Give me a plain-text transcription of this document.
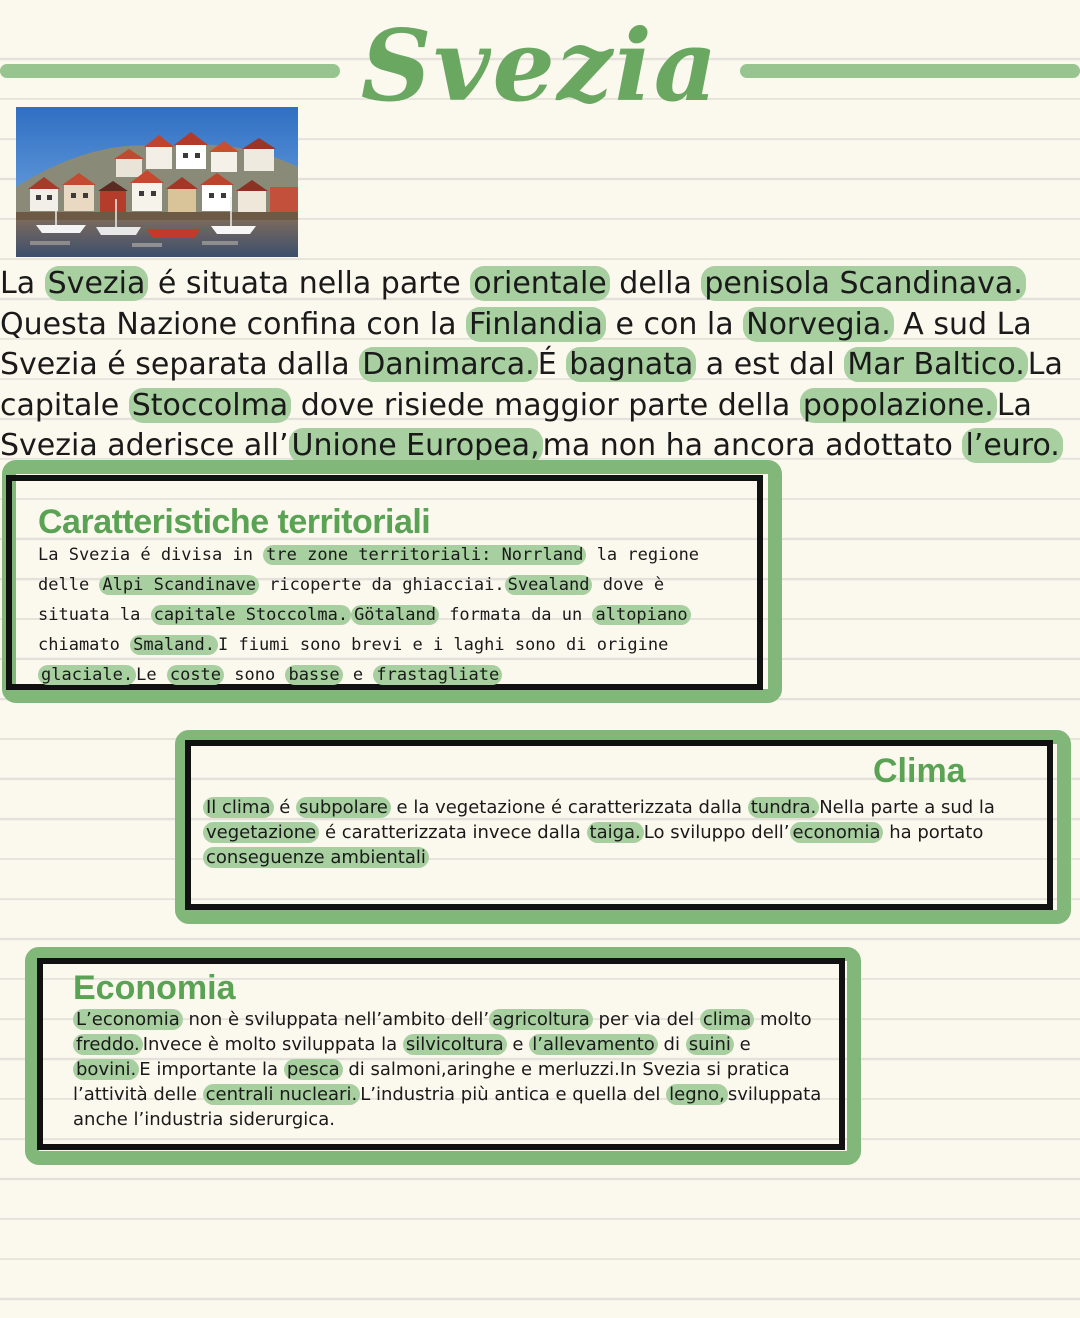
Svezia

La Svezia é situata nella parte orientale della penisola Scandinava. Questa Nazione confina con la Finlandia e con la Norvegia. A sud La Svezia é separata dalla Danimarca. É bagnata a est dal Mar Baltico. La capitale Stoccolma dove risiede maggior parte della popolazione. La Svezia aderisce all’ Unione Europea, ma non ha ancora adottato l’euro.

Caratteristiche territoriali

La Svezia é divisa in tre zone territoriali: Norrland la regione delle Alpi Scandinave ricoperte da ghiacciai. Svealand dove è situata la capitale Stoccolma. Götaland formata da un altopiano chiamato Smaland. I fiumi sono brevi e i laghi sono di origine glaciale. Le coste sono basse e frastagliate

Clima

Il clima é subpolare e la vegetazione é caratterizzata dalla tundra. Nella parte a sud la vegetazione é caratterizzata invece dalla taiga. Lo sviluppo dell’ economia ha portato conseguenze ambientali

Economia

L’economia non è sviluppata nell’ambito dell’ agricoltura per via del clima molto freddo. Invece è molto sviluppata la silvicoltura e l’allevamento di suini e bovini. E importante la pesca di salmoni,aringhe e merluzzi.In Svezia si pratica l’attività delle centrali nucleari. L’industria più antica e quella del legno, sviluppata anche l’industria siderurgica.
